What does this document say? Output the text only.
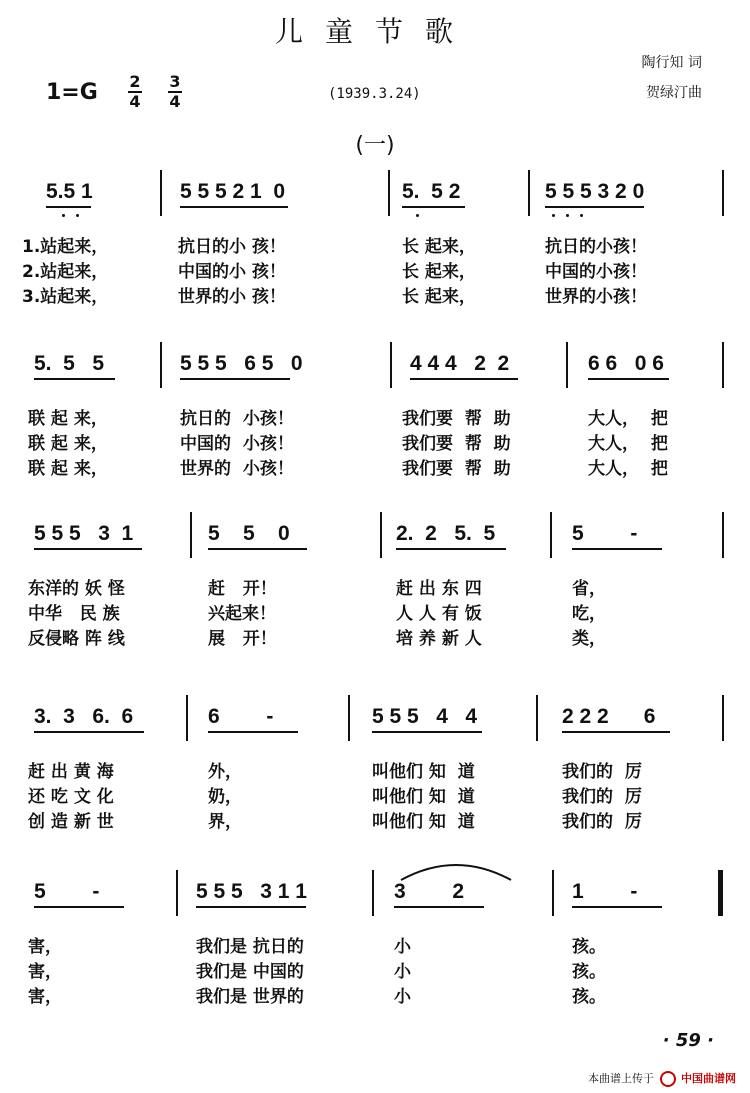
儿童节歌
陶行知 词
贺绿汀曲
1=G 2
4
3
4	(1939.3.24)
(一)
5.5 1	5 5 5 2 1  0	5.  5 2	5 5 5 3 2 0
1.站起来，	抗日的小 孩！	长 起来，	抗日的小孩！
2.站起来，	中国的小 孩！	长 起来，	中国的小孩！
3.站起来，	世界的小 孩！	长 起来，	世界的小孩！
5.  5   5	5 5 5   6 5   0	4 4 4   2  2	6 6   0 6
联 起 来，	抗日的  小孩！	我们要  帮  助	大人，  把
联 起 来，	中国的  小孩！	我们要  帮  助	大人，  把
联 起 来，	世界的  小孩！	我们要  帮  助	大人，  把
5 5 5   3  1	5    5    0	2.  2   5.  5	5        -
东洋的 妖 怪	赶   开！	赶 出 东 四	省，
中华   民 族	兴起来！	人 人 有 饭	吃，
反侵略 阵 线	展   开！	培 养 新 人	类，
3.  3   6.  6	6        -	5 5 5   4   4	2 2 2      6
赶 出 黄 海	外，	叫他们 知  道	我们的  厉
还 吃 文 化	奶，	叫他们 知  道	我们的  厉
创 造 新 世	界，	叫他们 知  道	我们的  厉
5        -	5 5 5   3 1 1	3        2	1        -
害，	我们是 抗日的	小	孩。
害，	我们是 中国的	小	孩。
害，	我们是 世界的	小	孩。
· 59 ·
本曲谱上传于 中国曲谱网
